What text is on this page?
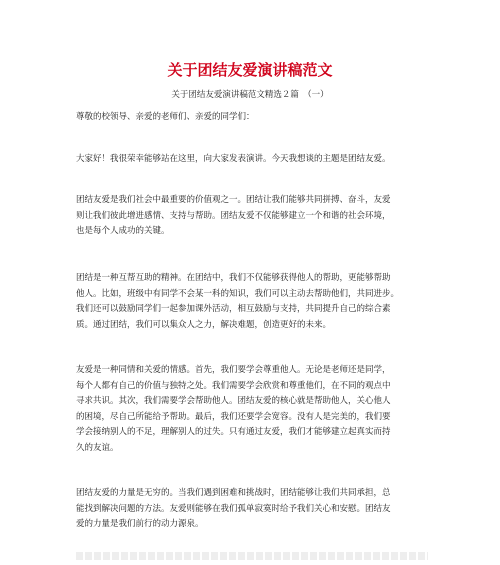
关于团结友爱演讲稿范文
关于团结友爱演讲稿范文精选２篇　（一）
尊敬的校领导、亲爱的老师们、亲爱的同学们：
大家好！我很荣幸能够站在这里，向大家发表演讲。今天我想谈的主题是团结友爱。
团结友爱是我们社会中最重要的价值观之一。团结让我们能够共同拼搏、奋斗，友爱
则让我们彼此增进感情、支持与帮助。团结友爱不仅能够建立一个和谐的社会环境，
也是每个人成功的关键。
团结是一种互帮互助的精神。在团结中，我们不仅能够获得他人的帮助，更能够帮助
他人。比如，班级中有同学不会某一科的知识，我们可以主动去帮助他们，共同进步。
我们还可以鼓励同学们一起参加课外活动，相互鼓励与支持，共同提升自己的综合素
质。通过团结，我们可以集众人之力，解决难题，创造更好的未来。
友爱是一种同情和关爱的情感。首先，我们要学会尊重他人。无论是老师还是同学，
每个人都有自己的价值与独特之处。我们需要学会欣赏和尊重他们，在不同的观点中
寻求共识。其次，我们需要学会帮助他人。团结友爱的核心就是帮助他人，关心他人
的困境，尽自己所能给予帮助。最后，我们还要学会宽容。没有人是完美的，我们要
学会接纳别人的不足，理解别人的过失。只有通过友爱，我们才能够建立起真实而持
久的友谊。
团结友爱的力量是无穷的。当我们遇到困难和挑战时，团结能够让我们共同承担，总
能找到解决问题的方法。友爱则能够在我们孤单寂寞时给予我们关心和安慰。团结友
爱的力量是我们前行的动力源泉。
